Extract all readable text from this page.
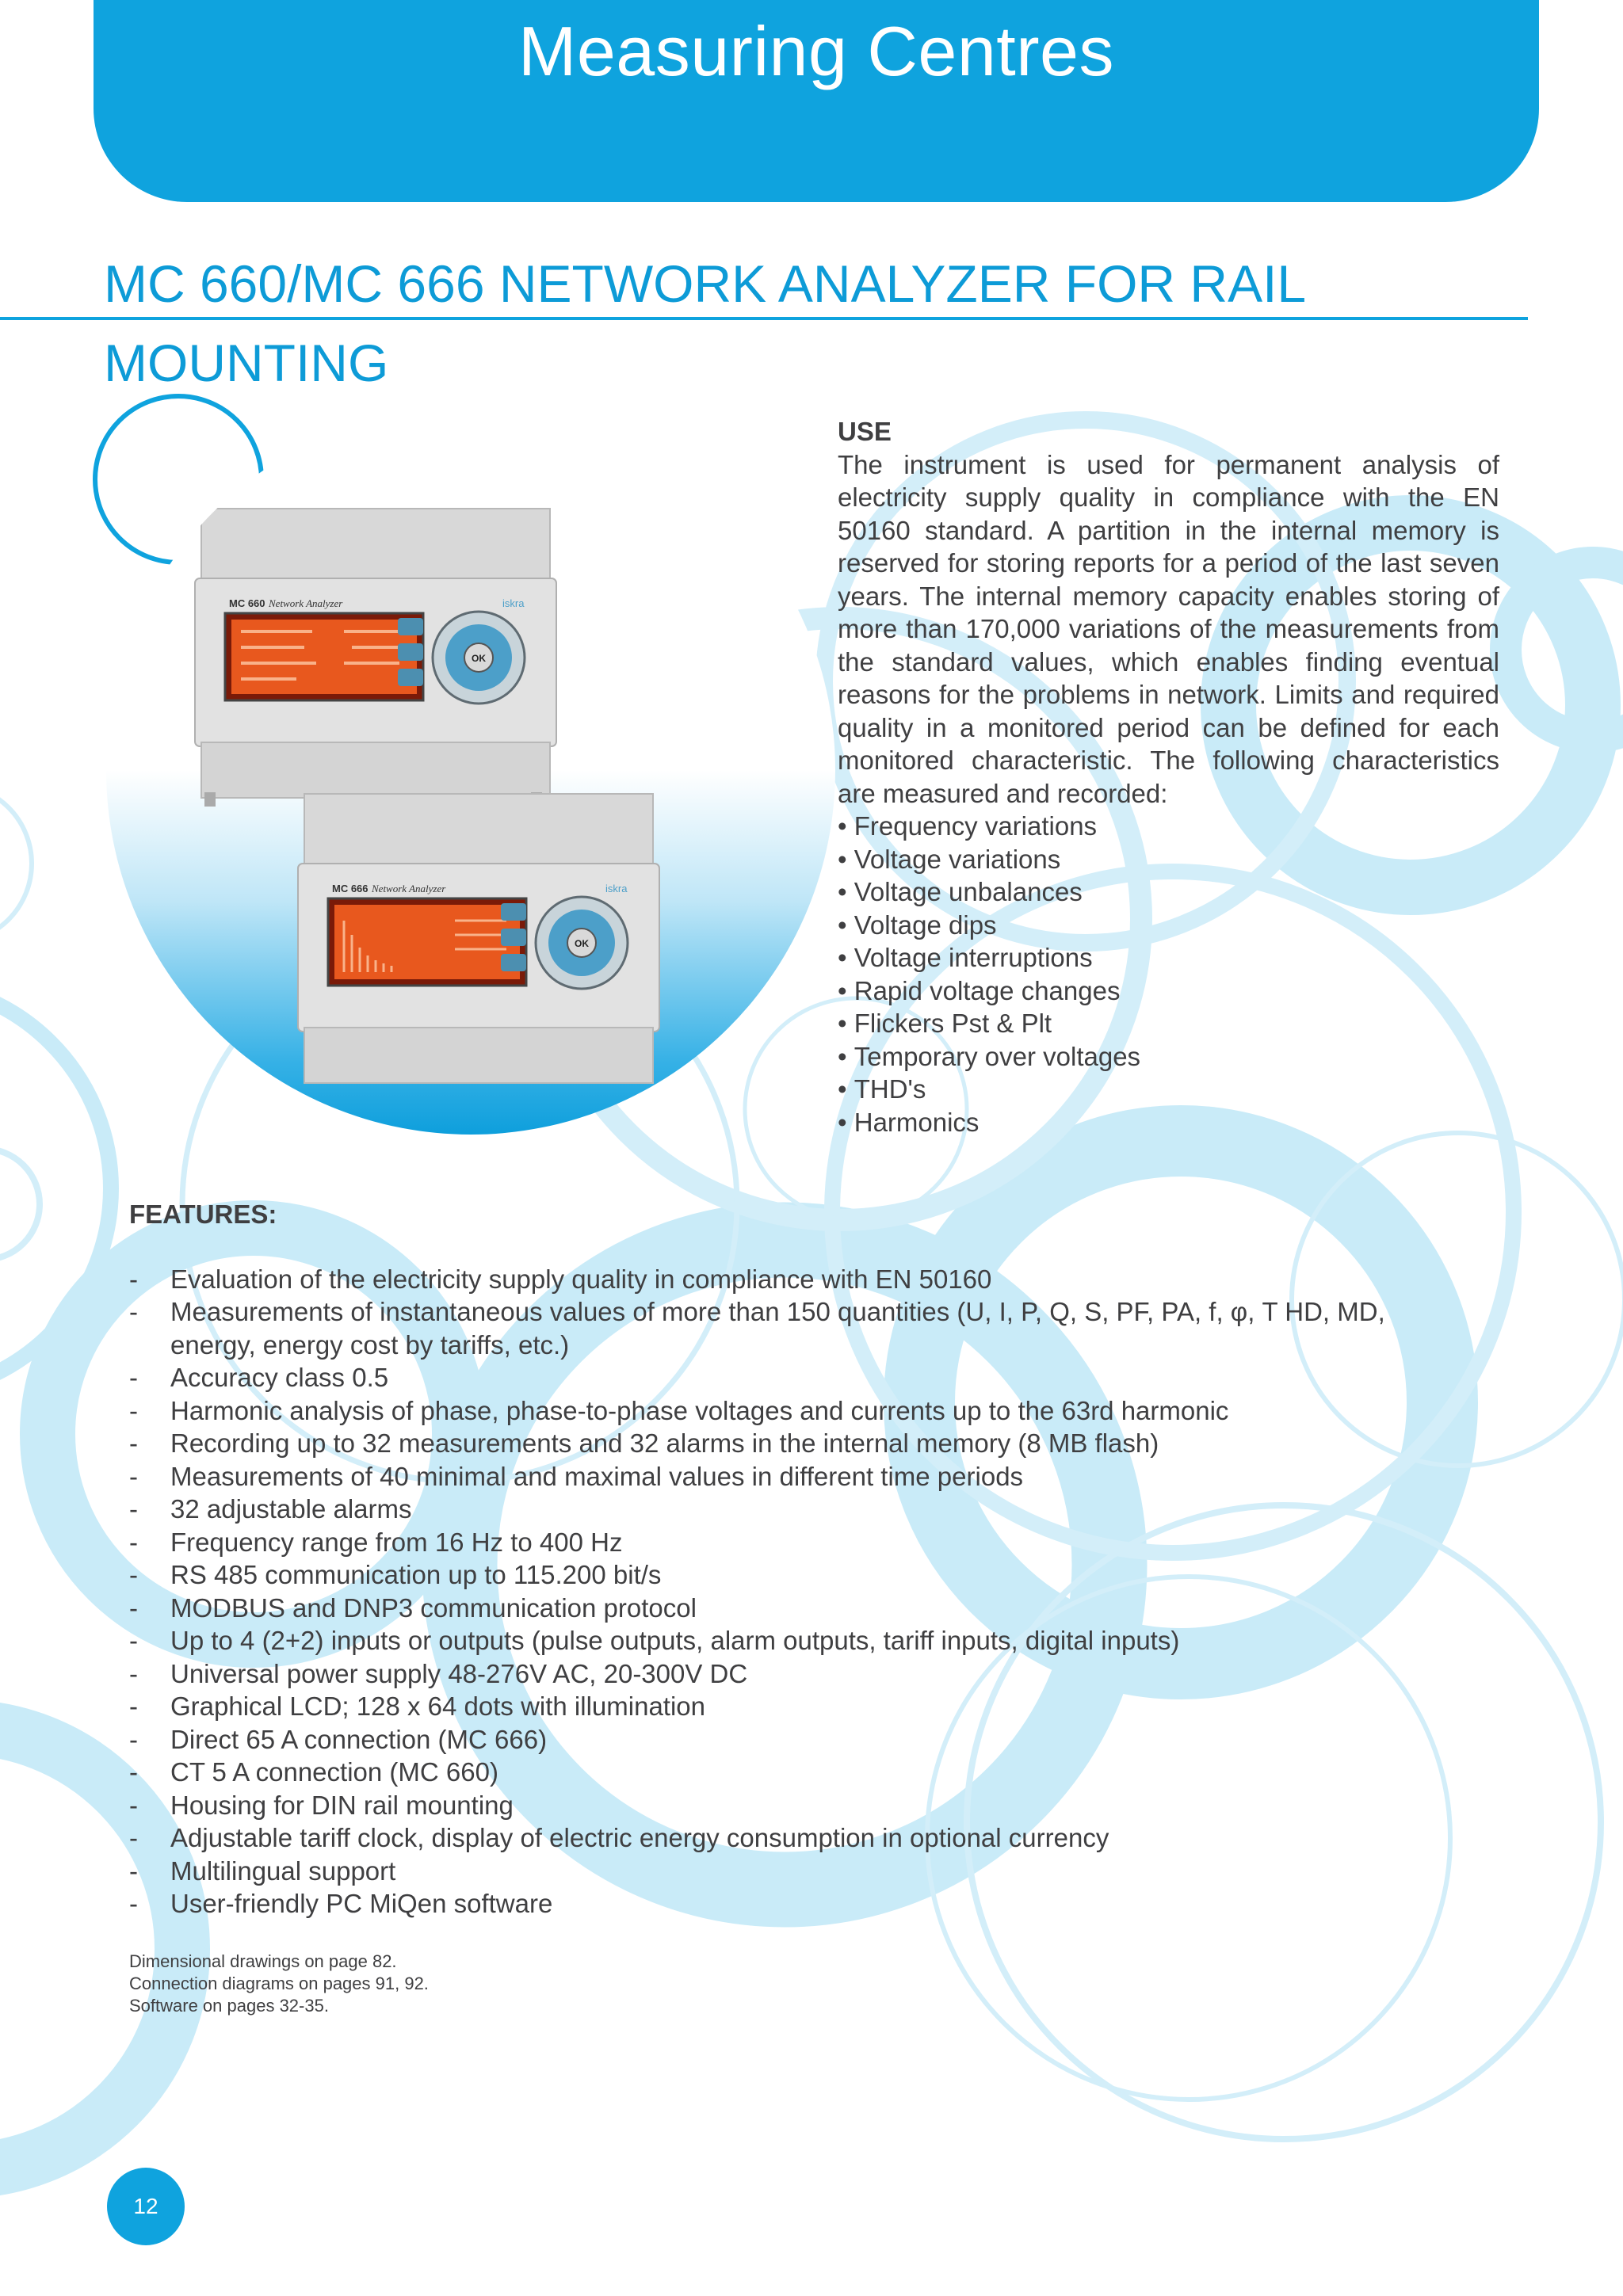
Measuring Centres
MC 660/MC 666 NETWORK ANALYZER FOR RAIL MOUNTING
MC 660 Network Analyzer	iskra
OK
MC 666 Network Analyzer	iskra
OK

USE

The instrument is used for permanent analysis of electricity supply quality in compliance with the EN 50160 standard. A partition in the internal memory is reserved for storing reports for a period of the last seven years. The internal memory capacity enables storing of more than 170,000 variations of the measurements from the standard values, which enables finding eventual reasons for the problems in network. Limits and required quality in a monitored period can be defined for each monitored characteristic. The following characteristics are measured and recorded:

• Frequency variations
• Voltage variations
• Voltage unbalances
• Voltage dips
• Voltage interruptions
• Rapid voltage changes
• Flickers Pst & Plt
• Temporary over voltages
• THD's
• Harmonics

FEATURES:

- Evaluation of the electricity supply quality in compliance with EN 50160
- Measurements of instantaneous values of more than 150 quantities (U, I, P, Q, S, PF, PA, f, φ, T HD, MD, energy, energy cost by tariffs, etc.)
- Accuracy class 0.5
- Harmonic analysis of phase, phase-to-phase voltages and currents up to the 63rd harmonic
- Recording up to 32 measurements and 32 alarms in the internal memory (8 MB flash)
- Measurements of 40 minimal and maximal values in different time periods
- 32 adjustable alarms
- Frequency range from 16 Hz to 400 Hz
- RS 485 communication up to 115.200 bit/s
- MODBUS and DNP3 communication protocol
- Up to 4 (2+2) inputs or outputs (pulse outputs, alarm outputs, tariff inputs, digital inputs)
- Universal power supply 48-276V AC, 20-300V DC
- Graphical LCD; 128 x 64 dots with illumination
- Direct 65 A connection (MC 666)
- CT 5 A connection (MC 660)
- Housing for DIN rail mounting
- Adjustable tariff clock, display of electric energy consumption in optional currency
- Multilingual support
- User-friendly PC MiQen software
Dimensional drawings on page 82.
Connection diagrams on pages 91, 92.
Software on pages 32-35.
12
